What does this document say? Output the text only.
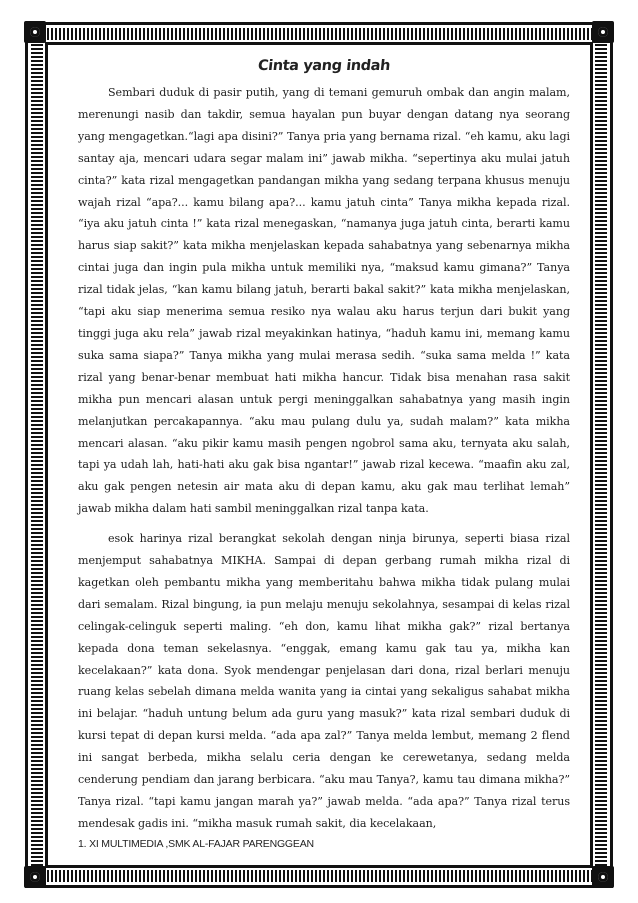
Cinta yang indah

Sembari duduk di pasir putih, yang di temani gemuruh ombak dan angin malam, merenungi nasib dan takdir, semua hayalan pun buyar dengan datang nya seorang yang mengagetkan.“lagi apa disini?” Tanya pria yang bernama rizal. “eh kamu, aku lagi santay aja, mencari udara segar malam ini” jawab mikha. “sepertinya aku mulai jatuh cinta?” kata rizal mengagetkan pandangan mikha yang sedang terpana khusus menuju wajah rizal “apa?... kamu bilang apa?... kamu jatuh cinta” Tanya mikha kepada rizal. “iya aku jatuh cinta !” kata rizal menegaskan, “namanya juga jatuh cinta, berarti kamu harus siap sakit?” kata mikha menjelaskan kepada sahabatnya yang sebenarnya mikha cintai juga dan ingin pula mikha untuk memiliki nya, “maksud kamu gimana?” Tanya rizal tidak jelas, “kan kamu bilang jatuh, berarti bakal sakit?” kata mikha menjelaskan, “tapi aku siap menerima semua resiko nya walau aku harus terjun dari bukit yang tinggi juga aku rela” jawab rizal meyakinkan hatinya, “haduh kamu ini, memang kamu suka sama siapa?” Tanya mikha yang mulai merasa sedih. “suka sama melda !” kata rizal yang benar-benar membuat hati mikha hancur. Tidak bisa menahan rasa sakit mikha pun mencari alasan untuk pergi meninggalkan sahabatnya yang masih ingin melanjutkan percakapannya. “aku mau pulang dulu ya, sudah malam?” kata mikha mencari alasan. “aku pikir kamu masih pengen ngobrol sama aku, ternyata aku salah, tapi ya udah lah, hati-hati aku gak bisa ngantar!” jawab rizal kecewa. “maafin aku zal, aku gak pengen netesin air mata aku di depan kamu, aku gak mau terlihat lemah” jawab mikha dalam hati sambil meninggalkan rizal tanpa kata.

esok harinya rizal berangkat sekolah dengan ninja birunya, seperti biasa rizal menjemput sahabatnya MIKHA. Sampai di depan gerbang rumah mikha rizal di kagetkan oleh pembantu mikha yang memberitahu bahwa mikha tidak pulang mulai dari semalam. Rizal bingung, ia pun melaju menuju sekolahnya, sesampai di kelas rizal celingak-celinguk seperti maling. “eh don, kamu lihat mikha gak?” rizal bertanya kepada dona teman sekelasnya. “enggak, emang kamu gak tau ya, mikha kan kecelakaan?” kata dona. Syok mendengar penjelasan dari dona, rizal berlari menuju ruang kelas sebelah dimana melda wanita yang ia cintai yang sekaligus sahabat mikha ini belajar. “haduh untung belum ada guru yang masuk?” kata rizal sembari duduk di kursi tepat di depan kursi melda. “ada apa zal?” Tanya melda lembut, memang 2 flend ini sangat berbeda, mikha selalu ceria dengan ke cerewetanya, sedang melda cenderung pendiam dan jarang berbicara. “aku mau Tanya?, kamu tau dimana mikha?” Tanya rizal. “tapi kamu jangan marah ya?” jawab melda. “ada apa?” Tanya rizal terus mendesak gadis ini. “mikha masuk rumah sakit, dia kecelakaan,

1. XI MULTIMEDIA ,SMK AL-FAJAR PARENGGEAN
